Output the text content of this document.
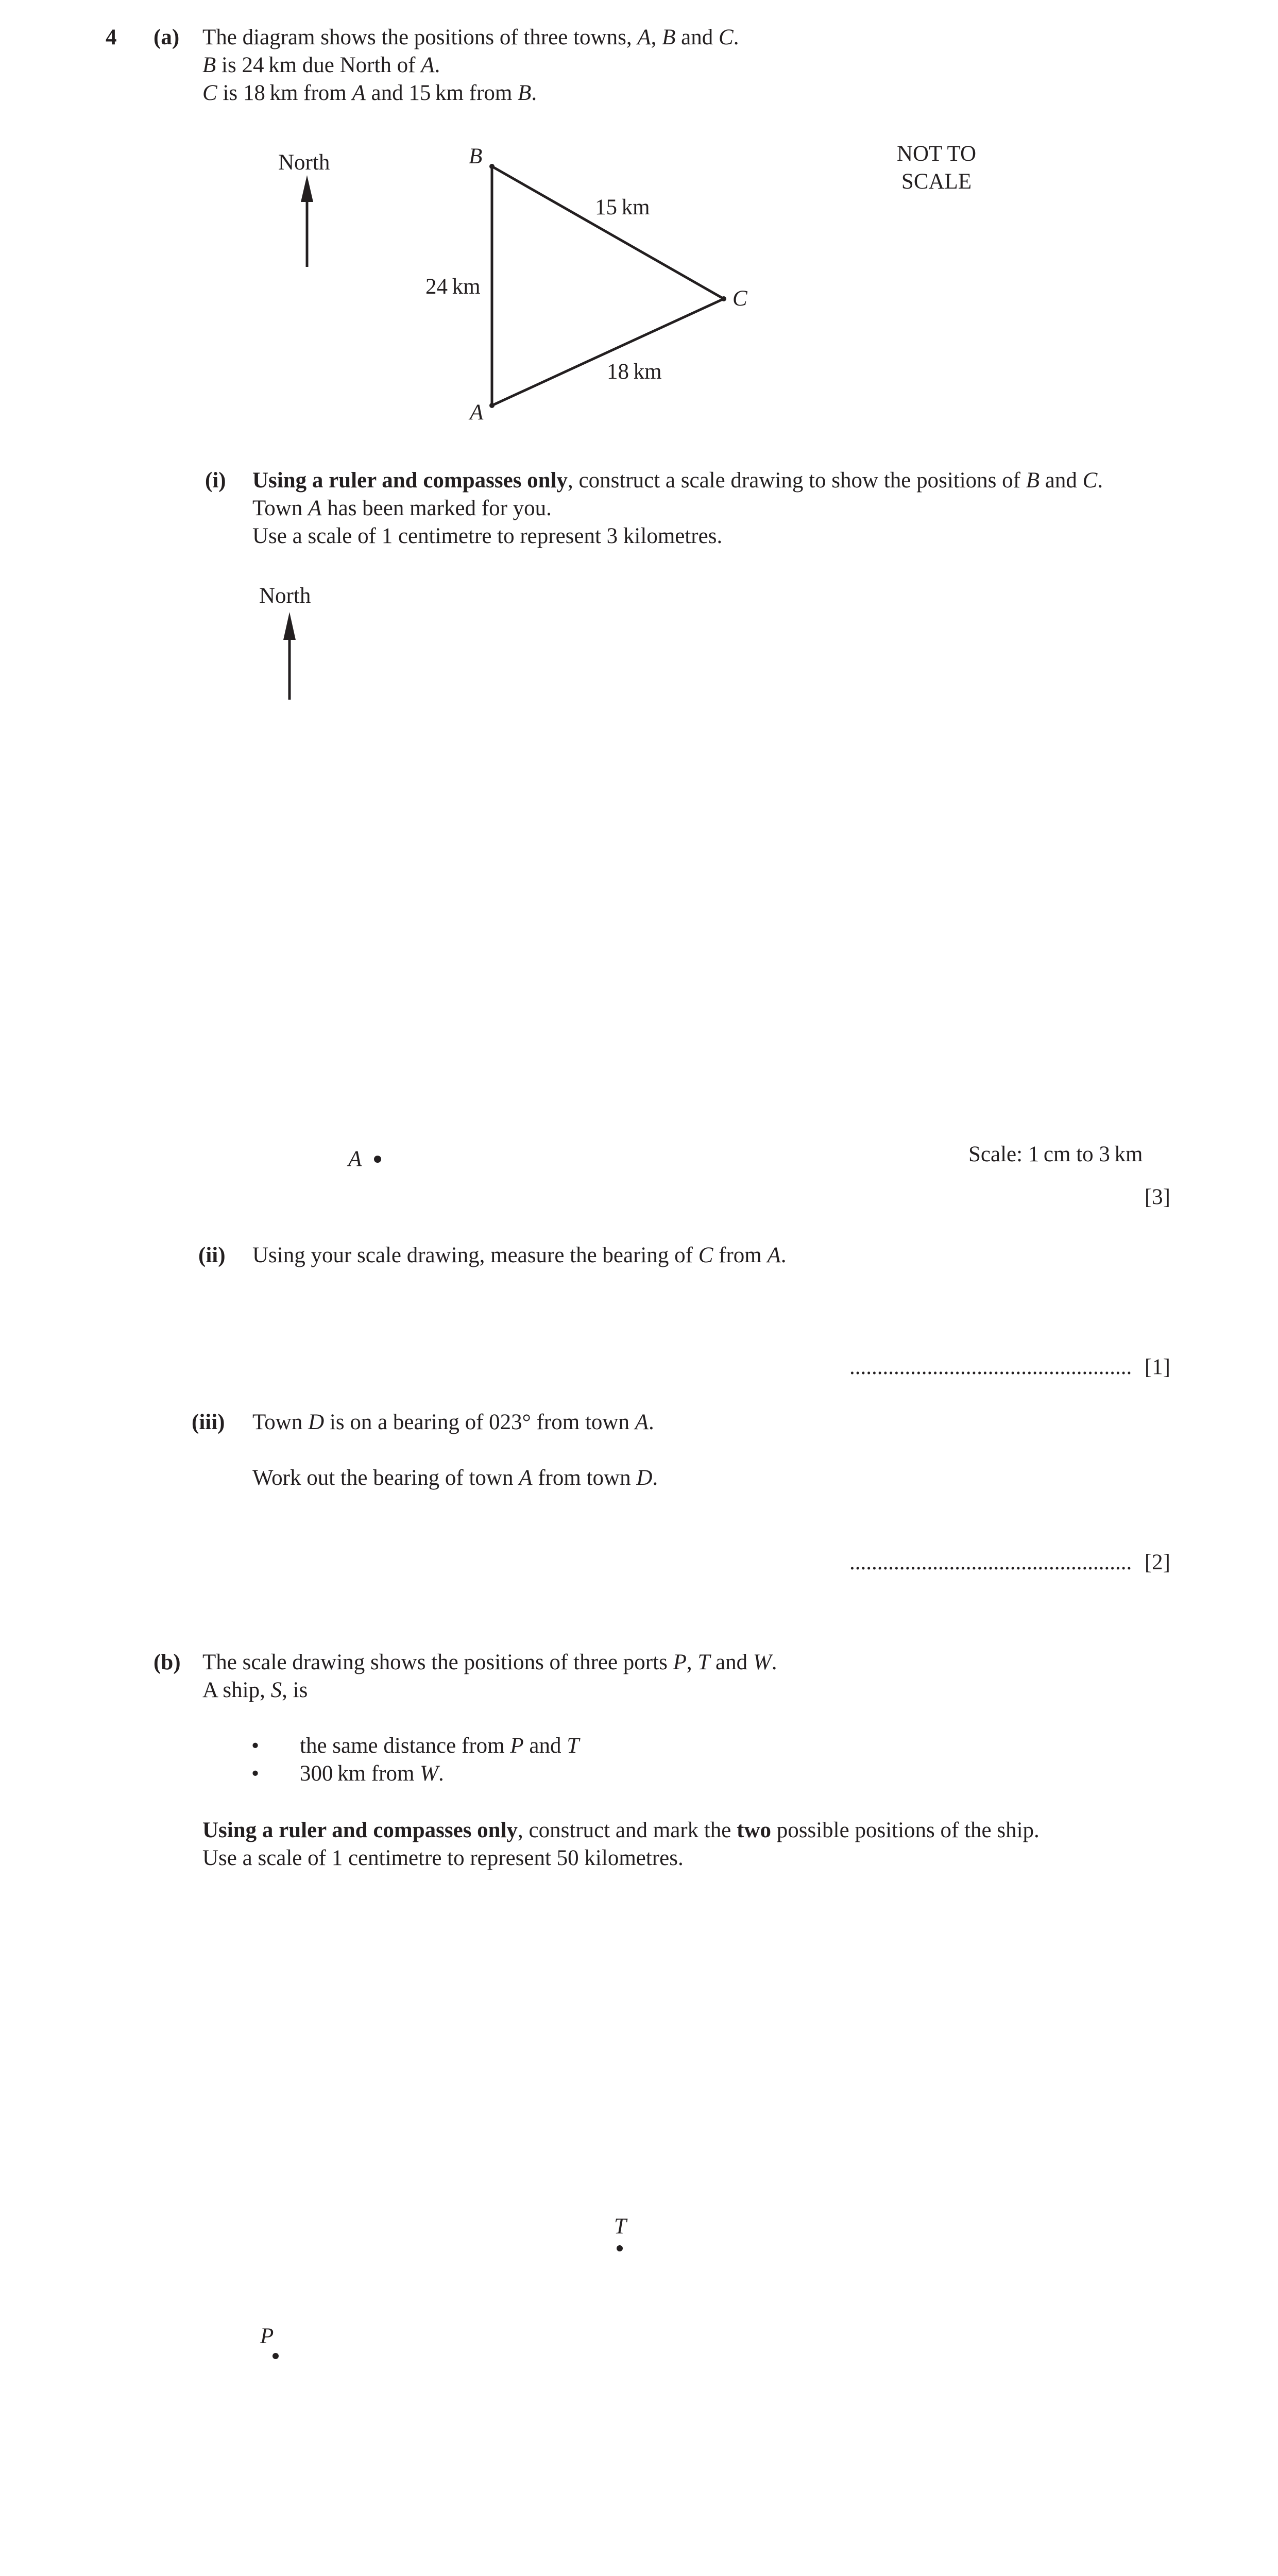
4 (a) The diagram shows the positions of three towns, A, B and C.
B is 24 km due North of A.
C is 18 km from A and 15 km from B.
North	NOT TO
SCALE
B
A
C
24 km
15 km
18 km
(i) Using a ruler and compasses only, construct a scale drawing to show the positions of B and C.
Town A has been marked for you.
Use a scale of 1 centimetre to represent 3 kilometres.
North
A	Scale: 1 cm to 3 km
[3]
(ii) Using your scale drawing, measure the bearing of C from A.
................................................... [1]
(iii) Town D is on a bearing of 023° from town A.
Work out the bearing of town A from town D.
................................................... [2]
(b) The scale drawing shows the positions of three ports P, T and W.
A ship, S, is
• the same distance from P and T
• 300 km from W.
Using a ruler and compasses only, construct and mark the two possible positions of the ship.
Use a scale of 1 centimetre to represent 50 kilometres.
T
P
